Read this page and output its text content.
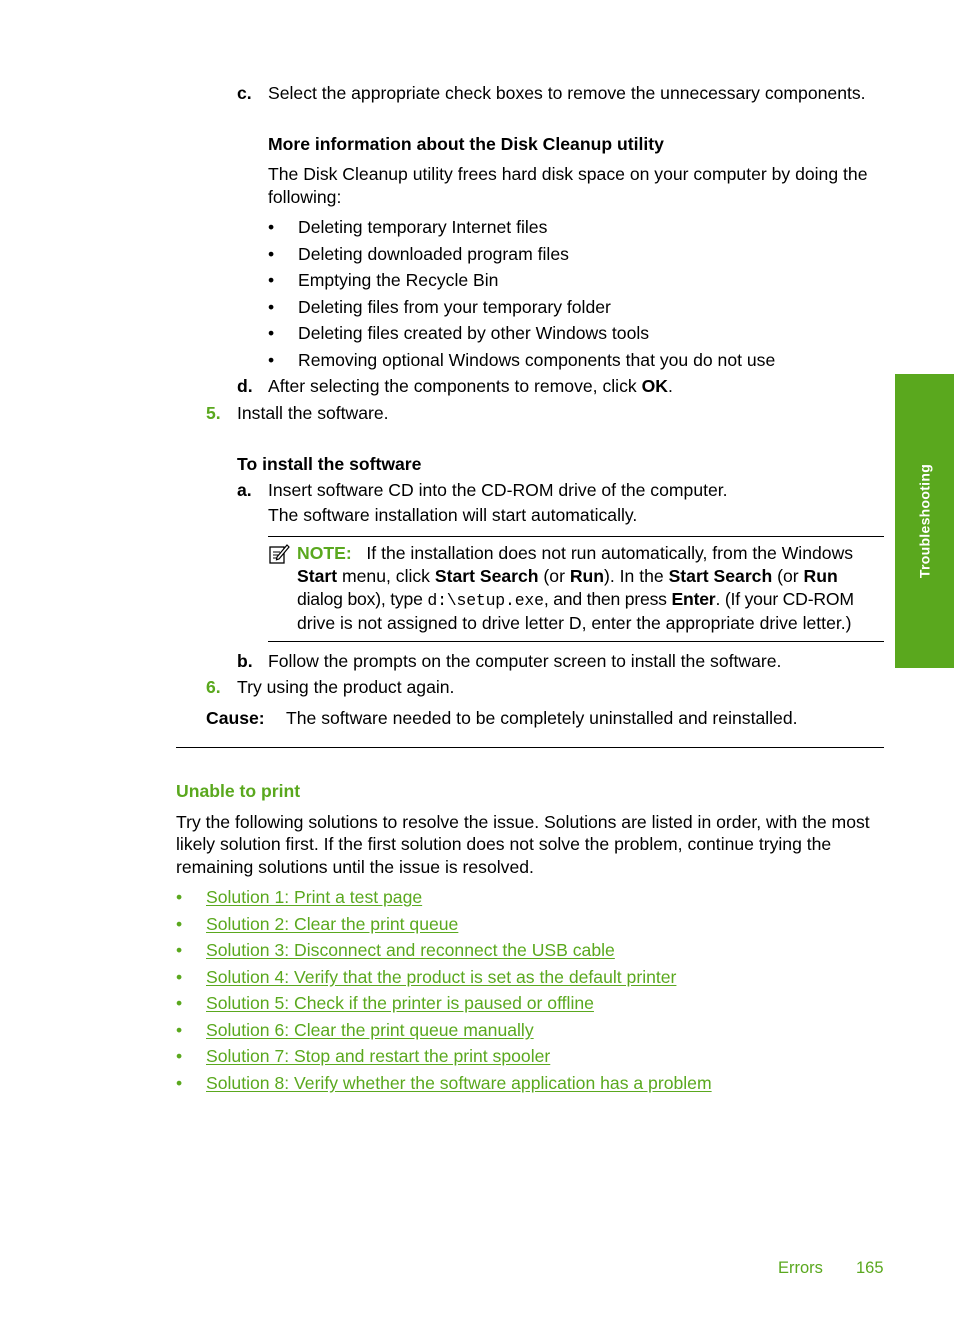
c. Select the appropriate check boxes to remove the unnecessary components.
More information about the Disk Cleanup utility
The Disk Cleanup utility frees hard disk space on your computer by doing the
following:
• Deleting temporary Internet files
• Deleting downloaded program files
• Emptying the Recycle Bin
• Deleting files from your temporary folder
• Deleting files created by other Windows tools
• Removing optional Windows components that you do not use
d. After selecting the components to remove, click OK.
5. Install the software.
To install the software
a. Insert software CD into the CD-ROM drive of the computer.
The software installation will start automatically.

NOTE: If the installation does not run automatically, from the Windows

Start menu, click Start Search (or Run). In the Start Search (or Run

dialog box), type d:\setup.exe, and then press Enter. (If your CD-ROM

drive is not assigned to drive letter D, enter the appropriate drive letter.)

b. Follow the prompts on the computer screen to install the software.
6. Try using the product again.
Cause: The software needed to be completely uninstalled and reinstalled.
Unable to print
Try the following solutions to resolve the issue. Solutions are listed in order, with the most
likely solution first. If the first solution does not solve the problem, continue trying the
remaining solutions until the issue is resolved.
• Solution 1: Print a test page
• Solution 2: Clear the print queue
• Solution 3: Disconnect and reconnect the USB cable
• Solution 4: Verify that the product is set as the default printer
• Solution 5: Check if the printer is paused or offline
• Solution 6: Clear the print queue manually
• Solution 7: Stop and restart the print spooler
• Solution 8: Verify whether the software application has a problem
Troubleshooting
Errors 165
